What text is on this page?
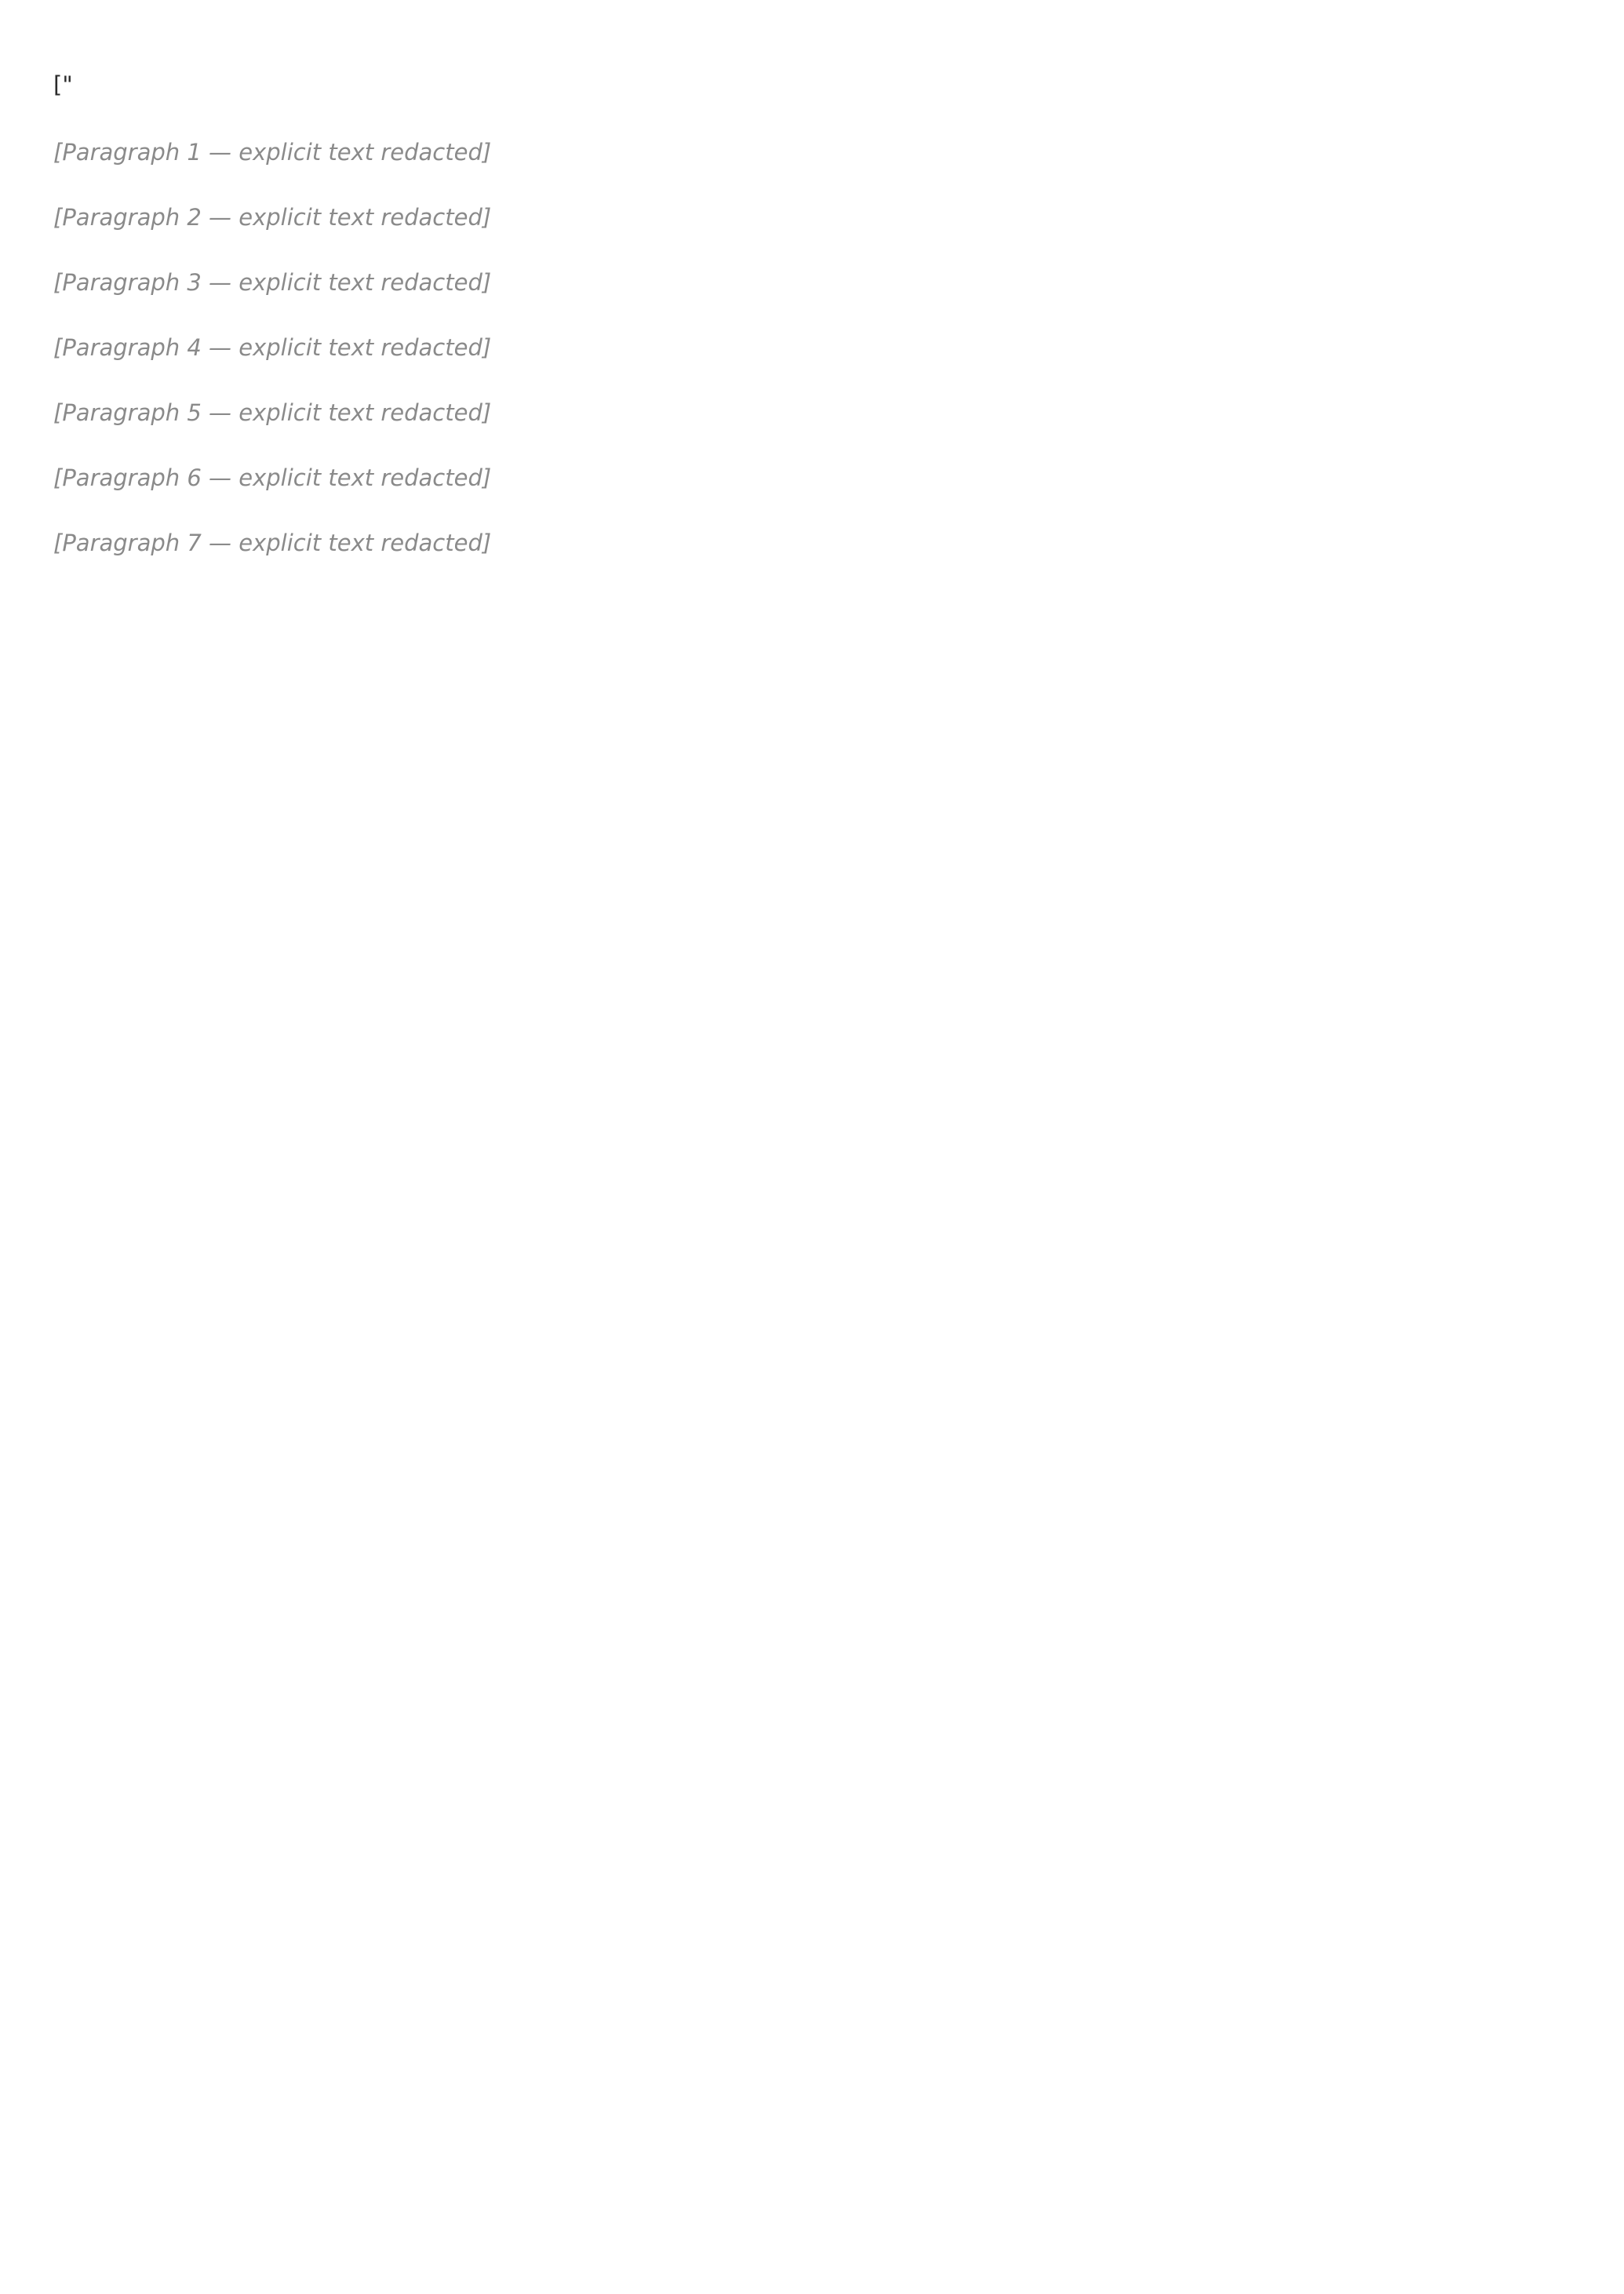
["

[Paragraph 1 — explicit text redacted]

[Paragraph 2 — explicit text redacted]

[Paragraph 3 — explicit text redacted]

[Paragraph 4 — explicit text redacted]

[Paragraph 5 — explicit text redacted]

[Paragraph 6 — explicit text redacted]

[Paragraph 7 — explicit text redacted]
